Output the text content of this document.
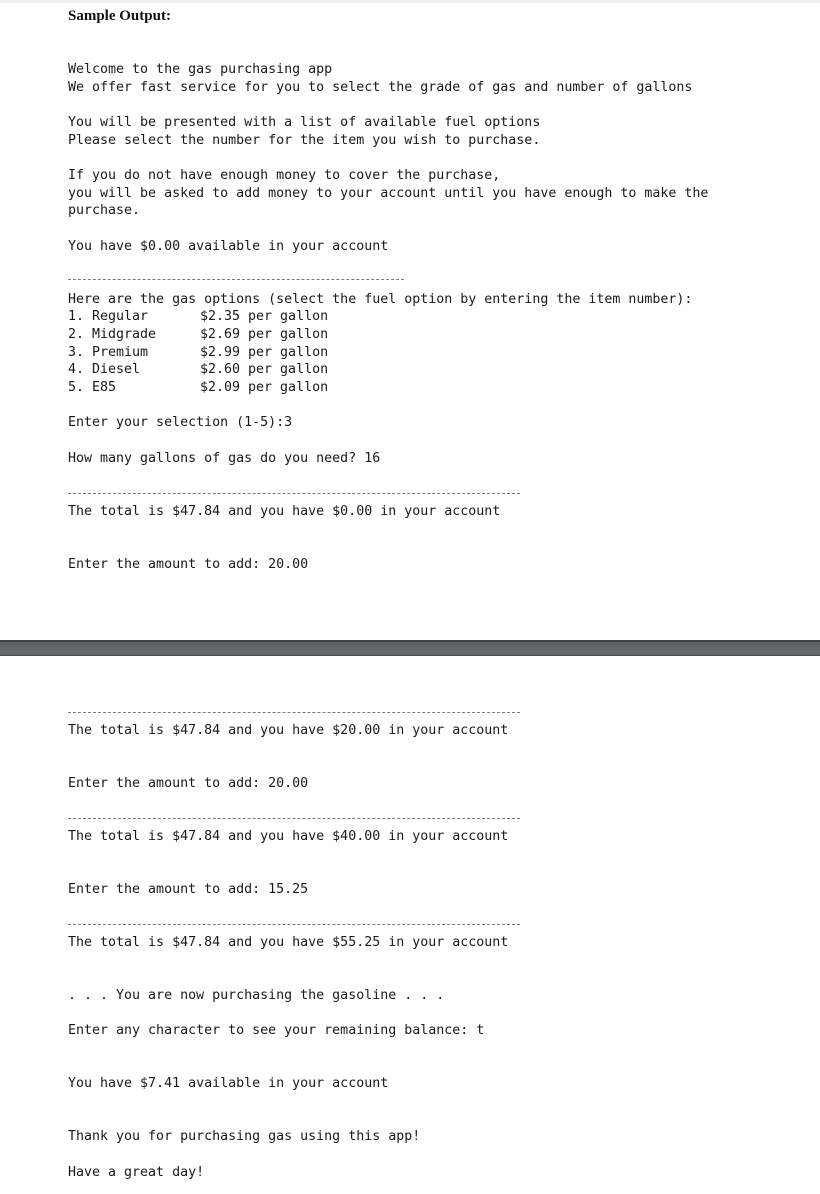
Sample Output:
Welcome to the gas purchasing app
We offer fast service for you to select the grade of gas and number of gallons
You will be presented with a list of available fuel options
Please select the number for the item you wish to purchase.
If you do not have enough money to cover the purchase,
you will be asked to add money to your account until you have enough to make the
purchase.
You have $0.00 available in your account
Here are the gas options (select the fuel option by entering the item number):
1. Regular	$2.35 per gallon
2. Midgrade	$2.69 per gallon
3. Premium	$2.99 per gallon
4. Diesel	$2.60 per gallon
5. E85	$2.09 per gallon
Enter your selection (1-5):3
How many gallons of gas do you need? 16
The total is $47.84 and you have $0.00 in your account
Enter the amount to add: 20.00
The total is $47.84 and you have $20.00 in your account
Enter the amount to add: 20.00
The total is $47.84 and you have $40.00 in your account
Enter the amount to add: 15.25
The total is $47.84 and you have $55.25 in your account
. . . You are now purchasing the gasoline . . .
Enter any character to see your remaining balance: t
You have $7.41 available in your account
Thank you for purchasing gas using this app!
Have a great day!
